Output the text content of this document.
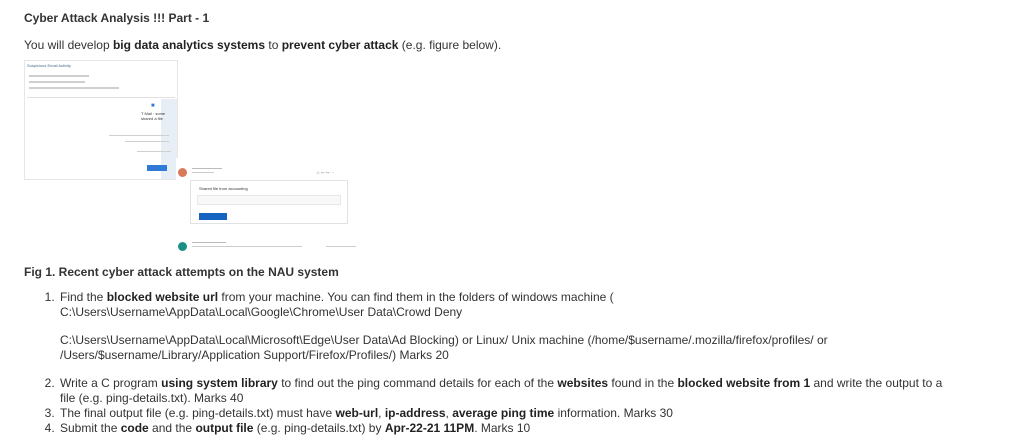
Cyber Attack Analysis !!! Part - 1
You will develop big data analytics systems to prevent cyber attack (e.g. figure below).
Suspicious Email Activity
■
T Mail · some shared a file
☺ ↩ ↪ ···
Shared file from accounting
Fig 1. Recent cyber attack attempts on the NAU system
1. Find the blocked website url from your machine. You can find them in the folders of windows machine (
C:\Users\Username\AppData\Local\Google\Chrome\User Data\Crowd Deny
C:\Users\Username\AppData\Local\Microsoft\Edge\User Data\Ad Blocking) or Linux/ Unix machine (/home/$username/.mozilla/firefox/profiles/ or
/Users/$username/Library/Application Support/Firefox/Profiles/) Marks 20
2. Write a C program using system library to find out the ping command details for each of the websites found in the blocked website from 1 and write the output to a
file (e.g. ping-details.txt). Marks 40
3. The final output file (e.g. ping-details.txt) must have web-url, ip-address, average ping time information. Marks 30
4. Submit the code and the output file (e.g. ping-details.txt) by Apr-22-21 11PM. Marks 10
